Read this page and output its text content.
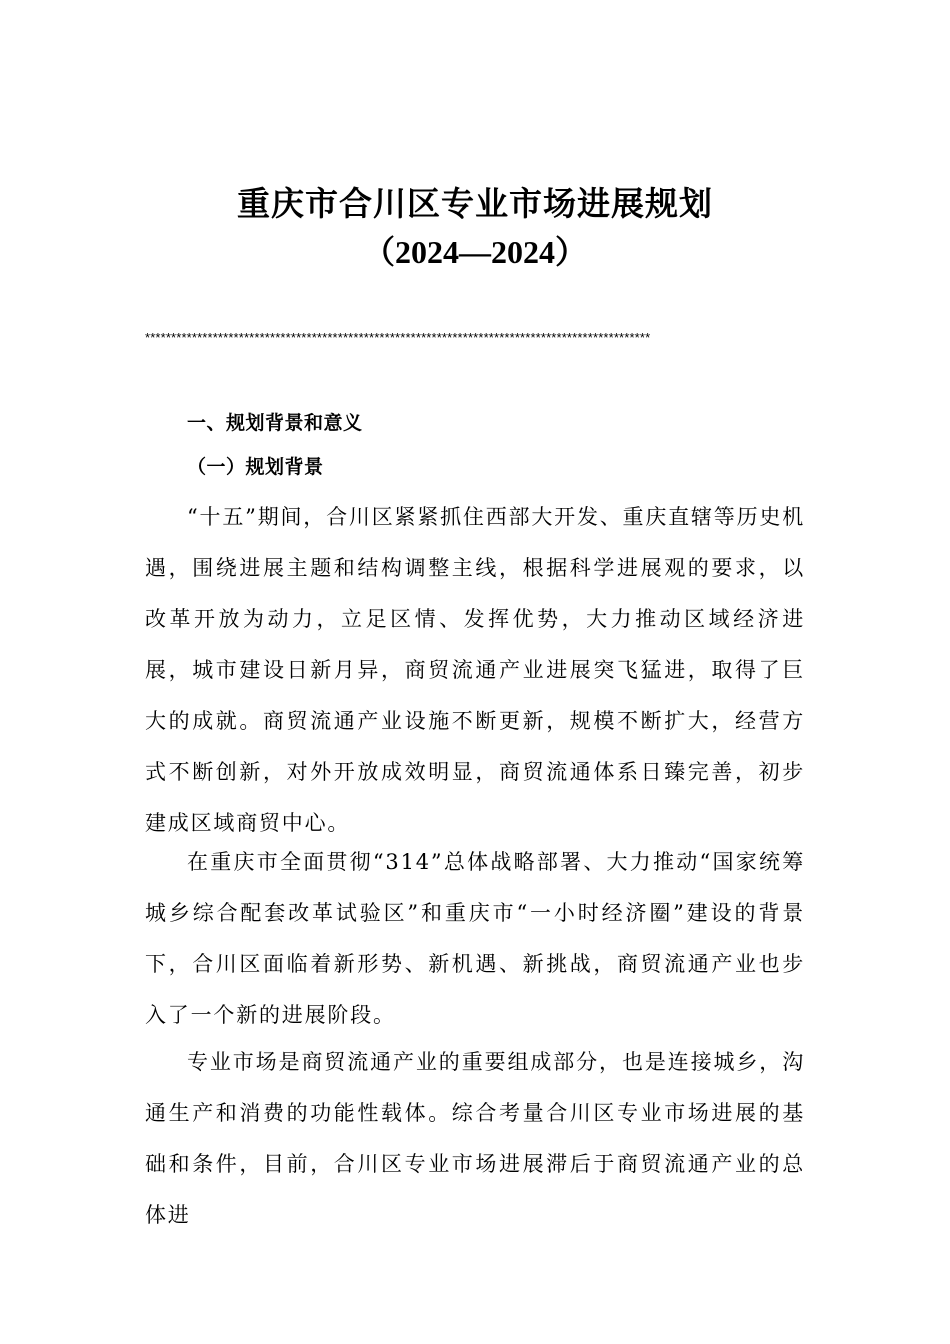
重庆市合川区专业市场进展规划
（2024—2024）
*************************************************************************************************
一、规划背景和意义
（一）规划背景

“十五”期间，合川区紧紧抓住西部大开发、重庆直辖等历史机遇，围绕进展主题和结构调整主线，根据科学进展观的要求，以改革开放为动力，立足区情、发挥优势，大力推动区域经济进展，城市建设日新月异，商贸流通产业进展突飞猛进，取得了巨大的成就。商贸流通产业设施不断更新，规模不断扩大，经营方式不断创新，对外开放成效明显，商贸流通体系日臻完善，初步建成区域商贸中心。

在重庆市全面贯彻“314”总体战略部署、大力推动“国家统筹城乡综合配套改革试验区”和重庆市“一小时经济圈”建设的背景下，合川区面临着新形势、新机遇、新挑战，商贸流通产业也步入了一个新的进展阶段。

专业市场是商贸流通产业的重要组成部分，也是连接城乡，沟通生产和消费的功能性载体。综合考量合川区专业市场进展的基础和条件，目前，合川区专业市场进展滞后于商贸流通产业的总体进
